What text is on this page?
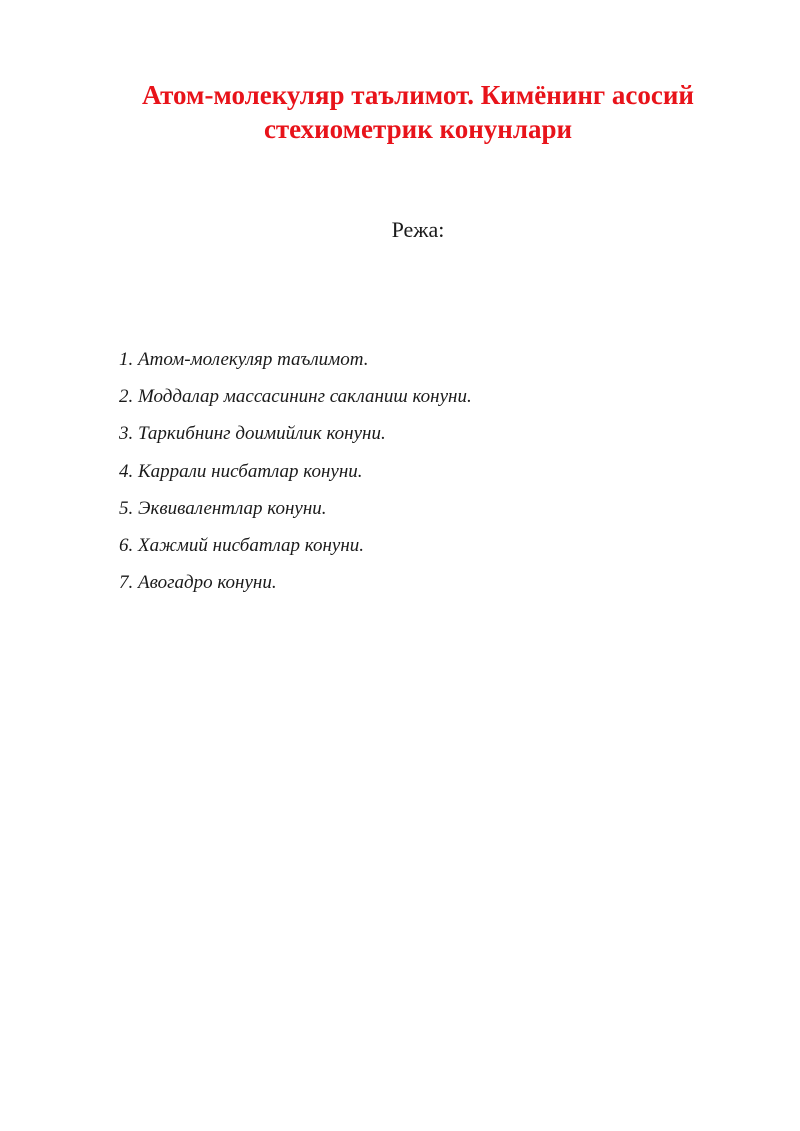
Атом-молекуляр таълимот. Кимёнинг асосий
стехиометрик конунлари
Режа:
1. Атом-молекуляр таълимот.
2. Моддалар массасининг сакланиш конуни.
3. Таркибнинг доимийлик конуни.
4. Каррали нисбатлар конуни.
5. Эквивалентлар конуни.
6. Хажмий нисбатлар конуни.
7. Авогадро конуни.
